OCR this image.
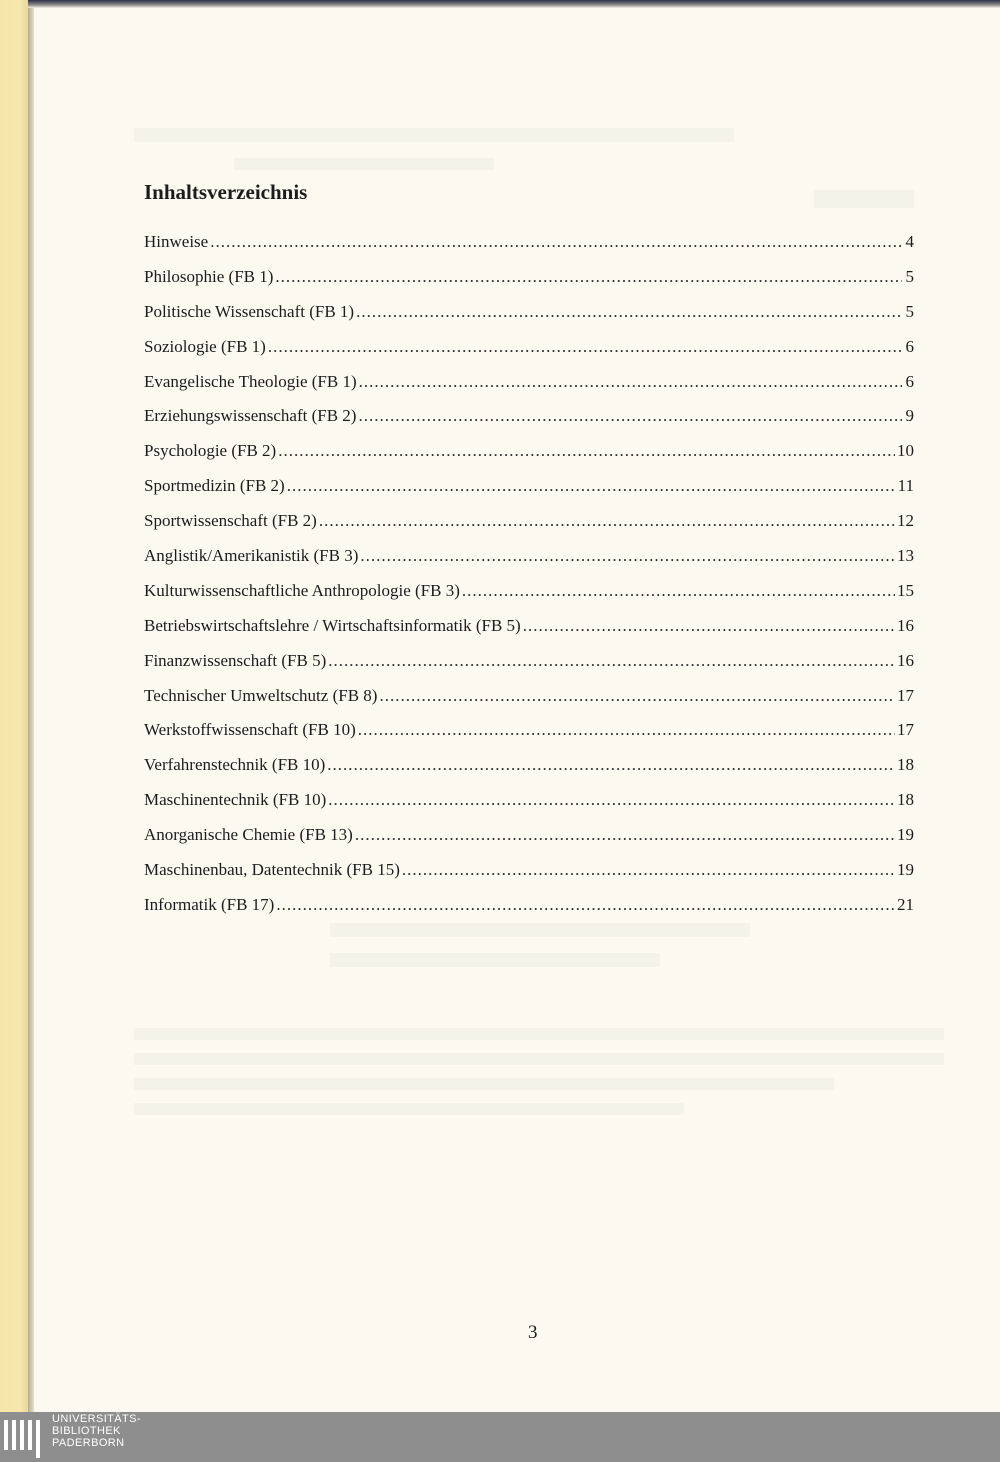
Inhaltsverzeichnis
Hinweise .....	4
Philosophie (FB 1) .....	5
Politische Wissenschaft (FB 1) .....	5
Soziologie (FB 1) .....	6
Evangelische Theologie (FB 1) .....	6
Erziehungswissenschaft (FB 2) .....	9
Psychologie (FB 2) .....	10
Sportmedizin (FB 2) .....	11
Sportwissenschaft (FB 2) .....	12
Anglistik/Amerikanistik (FB 3) .....	13
Kulturwissenschaftliche Anthropologie (FB 3) .....	15
Betriebswirtschaftslehre / Wirtschaftsinformatik (FB 5) .....	16
Finanzwissenschaft (FB 5) .....	16
Technischer Umweltschutz (FB 8) .....	17
Werkstoffwissenschaft (FB 10) .....	17
Verfahrenstechnik (FB 10) .....	18
Maschinentechnik (FB 10) .....	18
Anorganische Chemie (FB 13) .....	19
Maschinenbau, Datentechnik (FB 15) .....	19
Informatik (FB 17) .....	21
3
UNIVERSITÄTS-
BIBLIOTHEK
PADERBORN
